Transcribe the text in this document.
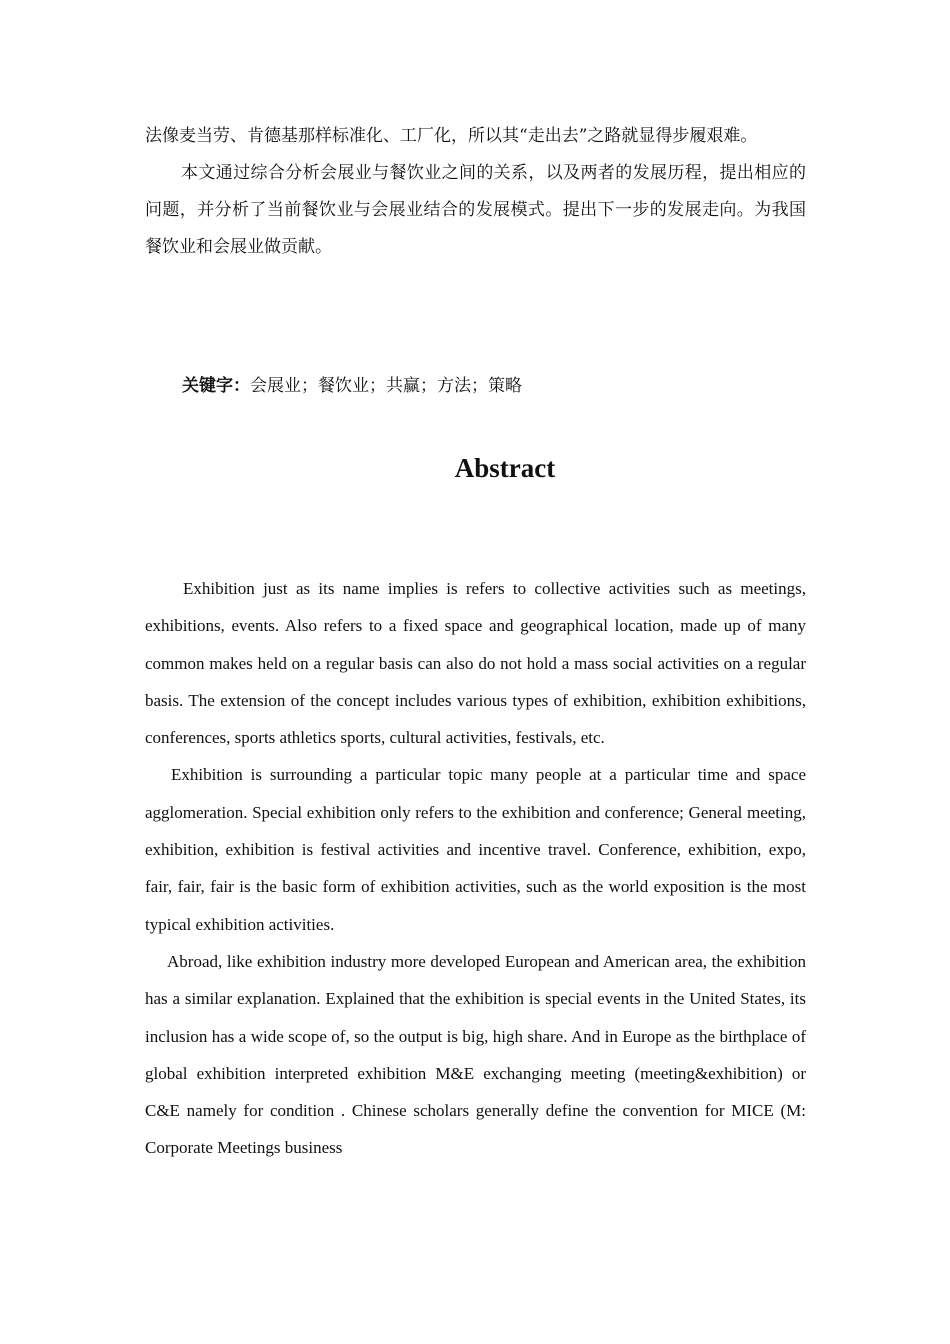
法像麦当劳、肯德基那样标准化、工厂化，所以其“走出去”之路就显得步履艰难。

本文通过综合分析会展业与餐饮业之间的关系，以及两者的发展历程，提出相应的问题，并分析了当前餐饮业与会展业结合的发展模式。提出下一步的发展走向。为我国餐饮业和会展业做贡献。

关键字：会展业；餐饮业；共赢；方法；策略

Abstract

Exhibition just as its name implies is refers to collective activities such as meetings, exhibitions, events. Also refers to a fixed space and geographical location, made up of many common makes held on a regular basis can also do not hold a mass social activities on a regular basis. The extension of the concept includes various types of exhibition, exhibition exhibitions, conferences, sports athletics sports, cultural activities, festivals, etc.

Exhibition is surrounding a particular topic many people at a particular time and space agglomeration. Special exhibition only refers to the exhibition and conference; General meeting, exhibition, exhibition is festival activities and incentive travel. Conference, exhibition, expo, fair, fair, fair is the basic form of exhibition activities, such as the world exposition is the most typical exhibition activities.

Abroad, like exhibition industry more developed European and American area, the exhibition has a similar explanation. Explained that the exhibition is special events in the United States, its inclusion has a wide scope of, so the output is big, high share. And in Europe as the birthplace of global exhibition interpreted exhibition M&E exchanging meeting (meeting&exhibition) or C&E namely for condition . Chinese scholars generally define the convention for MICE (M: Corporate Meetings business
